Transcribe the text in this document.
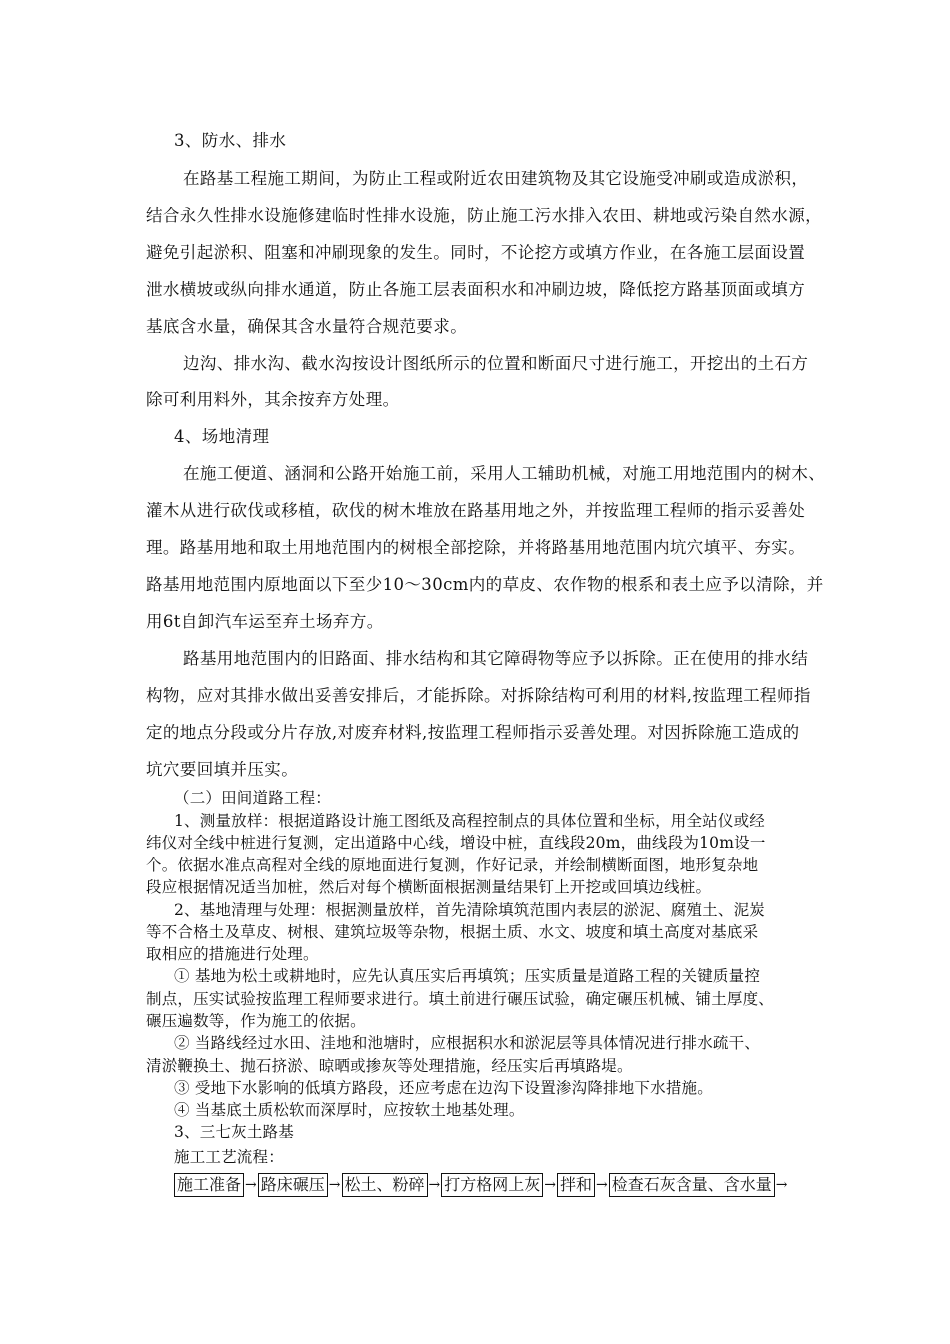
3、防水、排水
在路基工程施工期间，为防止工程或附近农田建筑物及其它设施受冲刷或造成淤积，
结合永久性排水设施修建临时性排水设施，防止施工污水排入农田、耕地或污染自然水源，
避免引起淤积、阻塞和冲刷现象的发生。同时，不论挖方或填方作业，在各施工层面设置
泄水横坡或纵向排水通道，防止各施工层表面积水和冲刷边坡，降低挖方路基顶面或填方
基底含水量，确保其含水量符合规范要求。
边沟、排水沟、截水沟按设计图纸所示的位置和断面尺寸进行施工，开挖出的土石方
除可利用料外，其余按弃方处理。
4、场地清理
在施工便道、涵洞和公路开始施工前，采用人工辅助机械，对施工用地范围内的树木、
灌木从进行砍伐或移植，砍伐的树木堆放在路基用地之外，并按监理工程师的指示妥善处
理。路基用地和取土用地范围内的树根全部挖除，并将路基用地范围内坑穴填平、夯实。
路基用地范围内原地面以下至少10～30cm内的草皮、农作物的根系和表土应予以清除，并
用6t自卸汽车运至弃土场弃方。
路基用地范围内的旧路面、排水结构和其它障碍物等应予以拆除。正在使用的排水结
构物，应对其排水做出妥善安排后，才能拆除。对拆除结构可利用的材料,按监理工程师指
定的地点分段或分片存放,对废弃材料,按监理工程师指示妥善处理。对因拆除施工造成的
坑穴要回填并压实。
（二）田间道路工程：
1、测量放样：根据道路设计施工图纸及高程控制点的具体位置和坐标，用全站仪或经
纬仪对全线中桩进行复测，定出道路中心线，增设中桩，直线段20m，曲线段为10m设一
个。依据水准点高程对全线的原地面进行复测，作好记录，并绘制横断面图，地形复杂地
段应根据情况适当加桩，然后对每个横断面根据测量结果钉上开挖或回填边线桩。
2、基地清理与处理：根据测量放样，首先清除填筑范围内表层的淤泥、腐殖土、泥炭
等不合格土及草皮、树根、建筑垃圾等杂物，根据土质、水文、坡度和填土高度对基底采
取相应的措施进行处理。
① 基地为松土或耕地时，应先认真压实后再填筑；压实质量是道路工程的关键质量控
制点，压实试验按监理工程师要求进行。填土前进行碾压试验，确定碾压机械、铺土厚度、
碾压遍数等，作为施工的依据。
② 当路线经过水田、洼地和池塘时，应根据积水和淤泥层等具体情况进行排水疏干、
清淤鞭换土、抛石挤淤、晾晒或掺灰等处理措施，经压实后再填路堤。
③ 受地下水影响的低填方路段，还应考虑在边沟下设置渗沟降排地下水措施。
④ 当基底土质松软而深厚时，应按软土地基处理。
3、三七灰土路基
施工工艺流程：
施工准备 → 路床碾压 → 松土、粉碎 → 打方格网上灰 → 拌和 → 检查石灰含量、含水量 →
